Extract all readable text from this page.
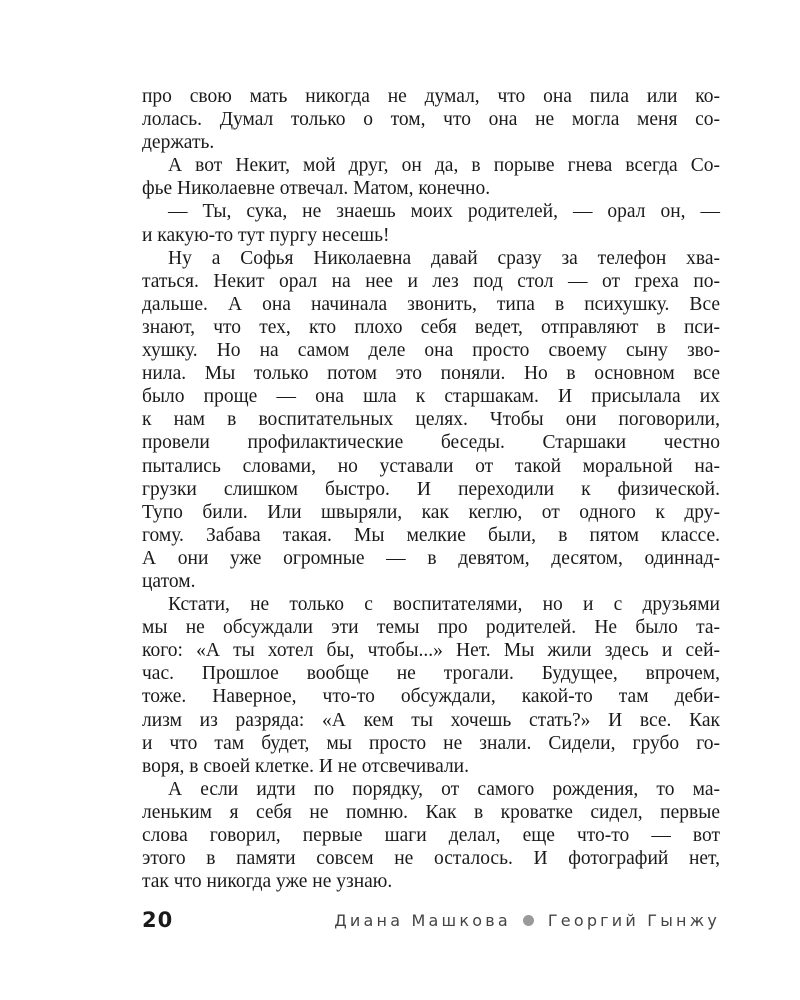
про свою мать никогда не думал, что она пила или ко-
лолась. Думал только о том, что она не могла меня со-
держать.
А вот Некит, мой друг, он да, в порыве гнева всегда Со-
фье Николаевне отвечал. Матом, конечно.
— Ты, сука, не знаешь моих родителей, — орал он, —
и какую-то тут пургу несешь!
Ну а Софья Николаевна давай сразу за телефон хва-
таться. Некит орал на нее и лез под стол — от греха по-
дальше. А она начинала звонить, типа в психушку. Все
знают, что тех, кто плохо себя ведет, отправляют в пси-
хушку. Но на самом деле она просто своему сыну зво-
нила. Мы только потом это поняли. Но в основном все
было проще — она шла к старшакам. И присылала их
к нам в воспитательных целях. Чтобы они поговорили,
провели профилактические беседы. Старшаки честно
пытались словами, но уставали от такой моральной на-
грузки слишком быстро. И переходили к физической.
Тупо били. Или швыряли, как кеглю, от одного к дру-
гому. Забава такая. Мы мелкие были, в пятом классе.
А они уже огромные — в девятом, десятом, одиннад-
цатом.
Кстати, не только с воспитателями, но и с друзьями
мы не обсуждали эти темы про родителей. Не было та-
кого: «А ты хотел бы, чтобы...» Нет. Мы жили здесь и сей-
час. Прошлое вообще не трогали. Будущее, впрочем,
тоже. Наверное, что-то обсуждали, какой-то там деби-
лизм из разряда: «А кем ты хочешь стать?» И все. Как
и что там будет, мы просто не знали. Сидели, грубо го-
воря, в своей клетке. И не отсвечивали.
А если идти по порядку, от самого рождения, то ма-
леньким я себя не помню. Как в кроватке сидел, первые
слова говорил, первые шаги делал, еще что-то — вот
этого в памяти совсем не осталось. И фотографий нет,
так что никогда уже не узнаю.
20	Диана Машкова Георгий Гынжу
